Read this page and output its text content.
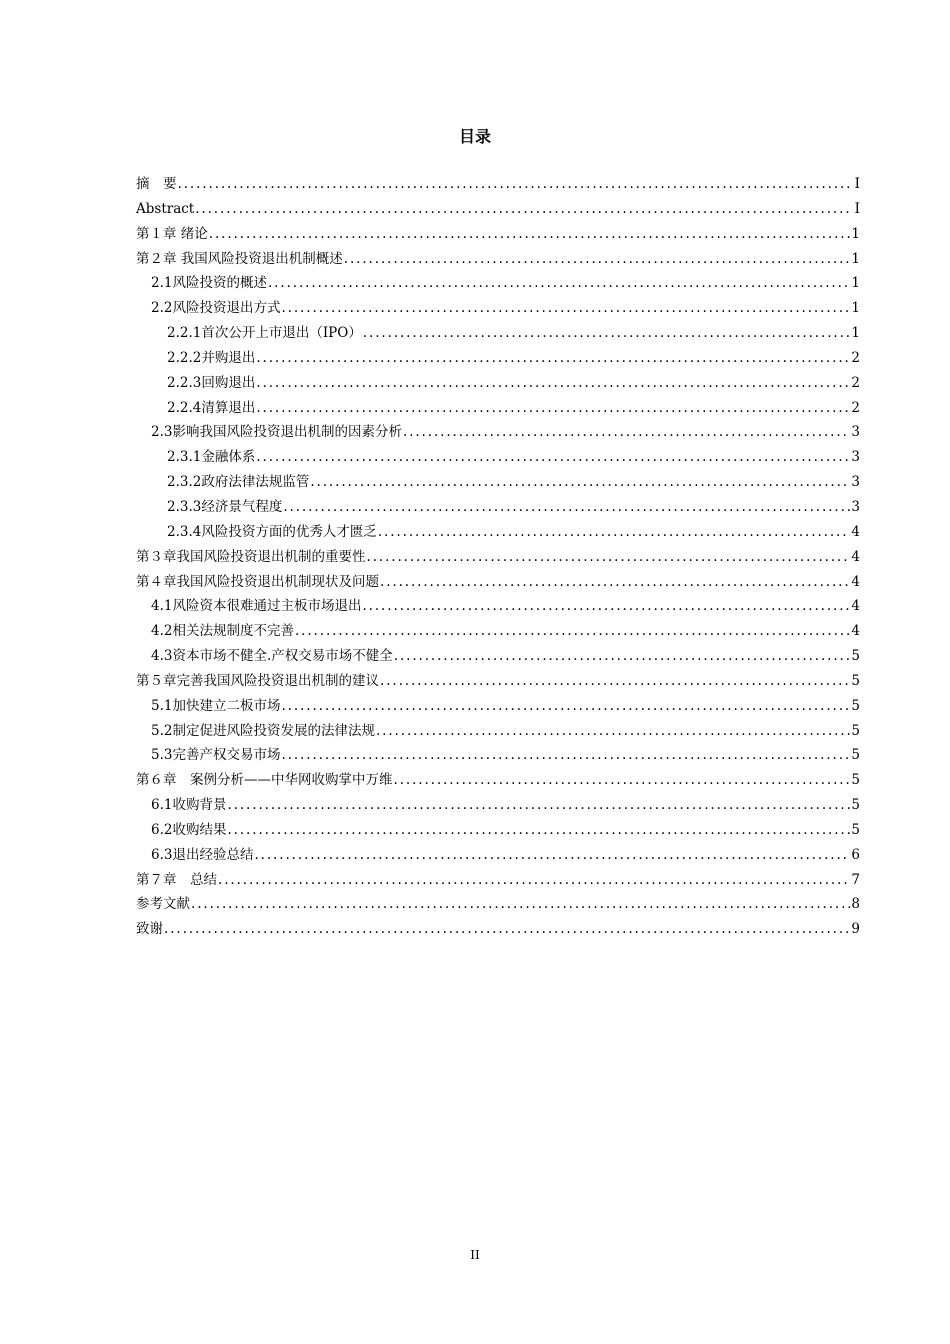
目录
摘　要 .....	I
Abstract .....	I
第１章 绪论 .....	1
第２章 我国风险投资退出机制概述 .....	1
2.1风险投资的概述 .....	1
2.2风险投资退出方式 .....	1
2.2.1首次公开上市退出（IPO） .....	1
2.2.2并购退出 .....	2
2.2.3回购退出 .....	2
2.2.4清算退出 .....	2
2.3影响我国风险投资退出机制的因素分析 .....	3
2.3.1金融体系 .....	3
2.3.2政府法律法规监管 .....	3
2.3.3经济景气程度 .....	3
2.3.4风险投资方面的优秀人才匮乏 .....	4
第３章我国风险投资退出机制的重要性 .....	4
第４章我国风险投资退出机制现状及问题 .....	4
4.1风险资本很难通过主板市场退出 .....	4
4.2相关法规制度不完善 .....	4
4.3资本市场不健全.产权交易市场不健全 .....	5
第５章完善我国风险投资退出机制的建议 .....	5
5.1加快建立二板市场 .....	5
5.2制定促进风险投资发展的法律法规 .....	5
5.3完善产权交易市场 .....	5
第６章　案例分析——中华网收购掌中万维 .....	5
6.1收购背景 .....	5
6.2收购结果 .....	5
6.3退出经验总结 .....	6
第７章　总结 .....	7
参考文献 .....	8
致谢 .....	9
II
